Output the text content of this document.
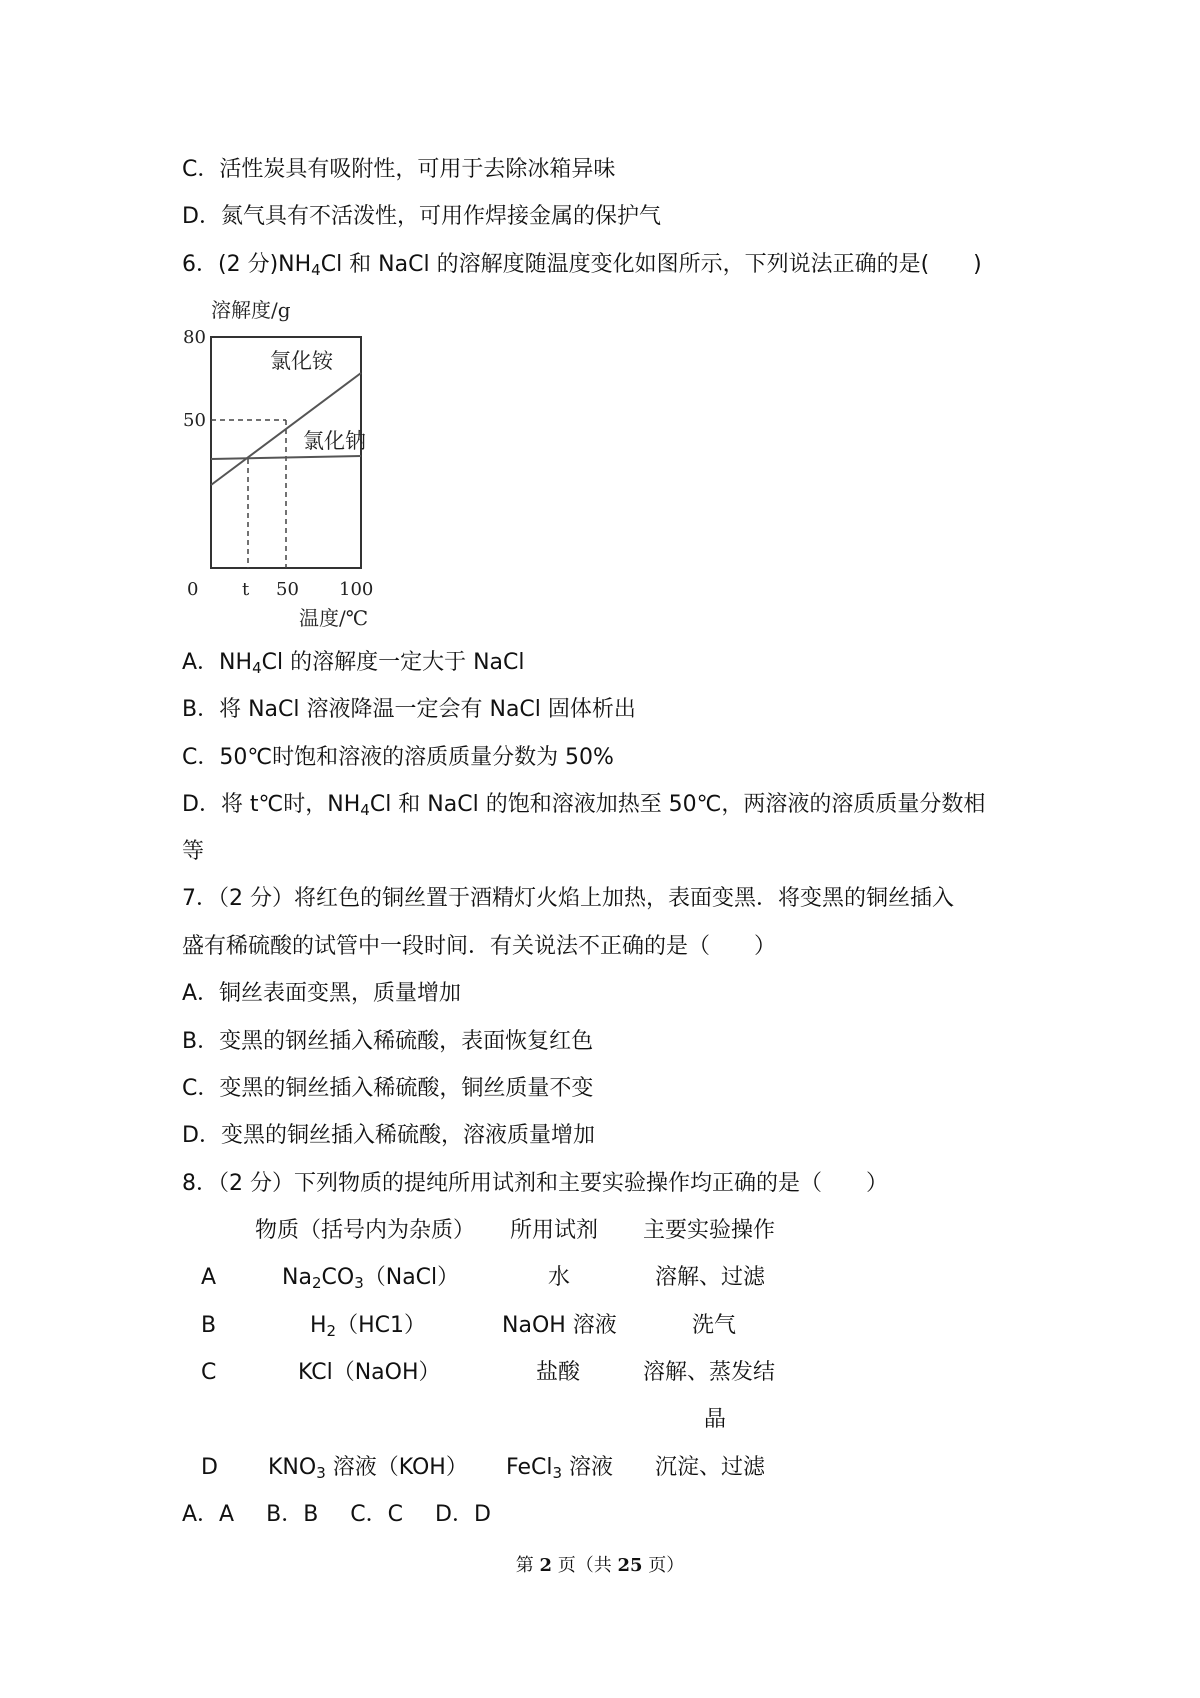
C．活性炭具有吸附性，可用于去除冰箱异味
D．氮气具有不活泼性，可用作焊接金属的保护气
6．(2 分)$NH_4Cl$ 和 NaCl 的溶解度随温度变化如图所示，下列说法正确的是(　　)
溶解度/g
80
50
氯化铵
氯化钠
0 t 50 100
温度/℃
A．$NH_4Cl$ 的溶解度一定大于 NaCl
B．将 NaCl 溶液降温一定会有 NaCl 固体析出
C．50℃时饱和溶液的溶质质量分数为 50%
D．将 t℃时，$NH_4Cl$ 和 NaCl 的饱和溶液加热至 50℃，两溶液的溶质质量分数相
等
7．（2 分）将红色的铜丝置于酒精灯火焰上加热，表面变黑．将变黑的铜丝插入
盛有稀硫酸的试管中一段时间．有关说法不正确的是（　　）
A．铜丝表面变黑，质量增加
B．变黑的钢丝插入稀硫酸，表面恢复红色
C．变黑的铜丝插入稀硫酸，铜丝质量不变
D．变黑的铜丝插入稀硫酸，溶液质量增加
8．（2 分）下列物质的提纯所用试剂和主要实验操作均正确的是（　　）
物质（括号内为杂质） 所用试剂 主要实验操作
A	$Na_2CO_3(NaCl)$	水	溶解、过滤
B	$H_2(HC1)$	NaOH 溶液	洗气
C	KCl（NaOH）	盐酸	溶解、蒸发结
晶
D $KNO_3$ 溶液（KOH） FeCl$_3$ 溶液 沉淀、过滤
A．A B．B C．C D．D
第 2 页（共 25 页）
